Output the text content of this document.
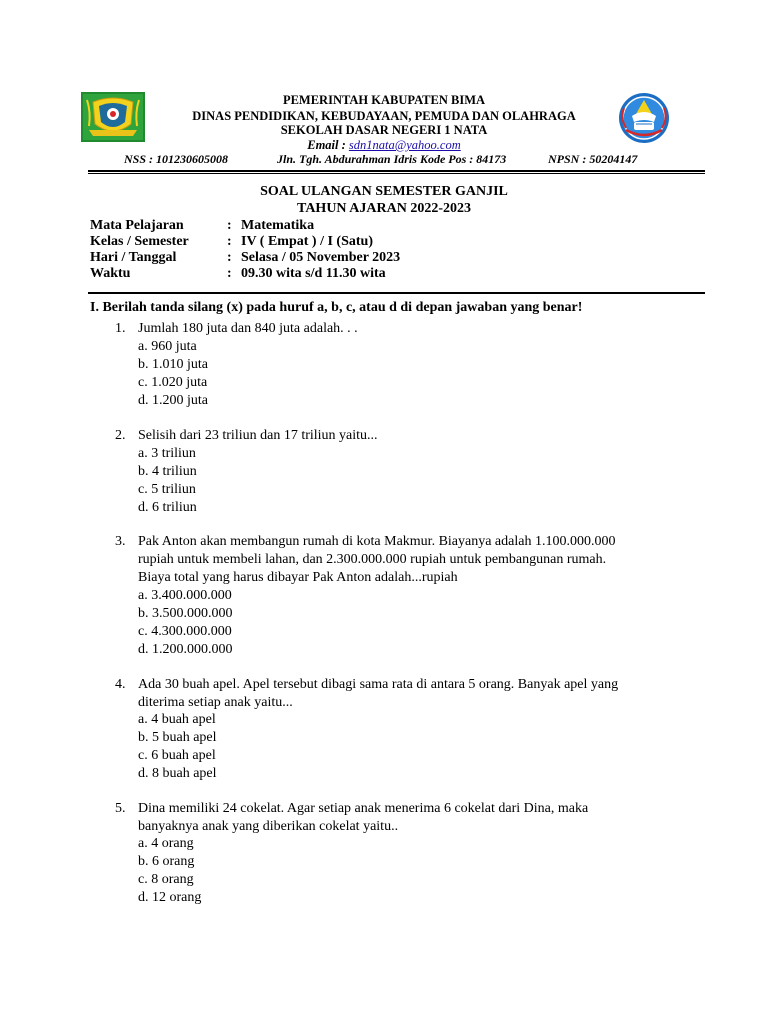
PEMERINTAH KABUPATEN BIMA
DINAS PENDIDIKAN, KEBUDAYAAN, PEMUDA DAN OLAHRAGA
SEKOLAH DASAR NEGERI 1 NATA
Email : sdn1nata@yahoo.com
NSS : 101230605008	Jln. Tgh. Abdurahman Idris Kode Pos : 84173	NPSN : 50204147
SOAL ULANGAN SEMESTER GANJIL
TAHUN AJARAN 2022-2023
Mata Pelajaran	: Matematika
Kelas / Semester	: IV ( Empat ) / I (Satu)
Hari / Tanggal	: Selasa / 05 November 2023
Waktu	: 09.30 wita s/d 11.30 wita
I. Berilah tanda silang (x) pada huruf a, b, c, atau d di depan jawaban yang benar!
1. Jumlah 180 juta dan 840 juta adalah. . .
a. 960 juta
b. 1.010 juta
c. 1.020 juta
d. 1.200 juta
2. Selisih dari 23 triliun dan 17 triliun yaitu...
a. 3 triliun
b. 4 triliun
c. 5 triliun
d. 6 triliun
3. Pak Anton akan membangun rumah di kota Makmur. Biayanya adalah 1.100.000.000
rupiah untuk membeli lahan, dan 2.300.000.000 rupiah untuk pembangunan rumah.
Biaya total yang harus dibayar Pak Anton adalah...rupiah
a. 3.400.000.000
b. 3.500.000.000
c. 4.300.000.000
d. 1.200.000.000
4. Ada 30 buah apel. Apel tersebut dibagi sama rata di antara 5 orang. Banyak apel yang
diterima setiap anak yaitu...
a. 4 buah apel
b. 5 buah apel
c. 6 buah apel
d. 8 buah apel
5. Dina memiliki 24 cokelat. Agar setiap anak menerima 6 cokelat dari Dina, maka
banyaknya anak yang diberikan cokelat yaitu..
a. 4 orang
b. 6 orang
c. 8 orang
d. 12 orang
